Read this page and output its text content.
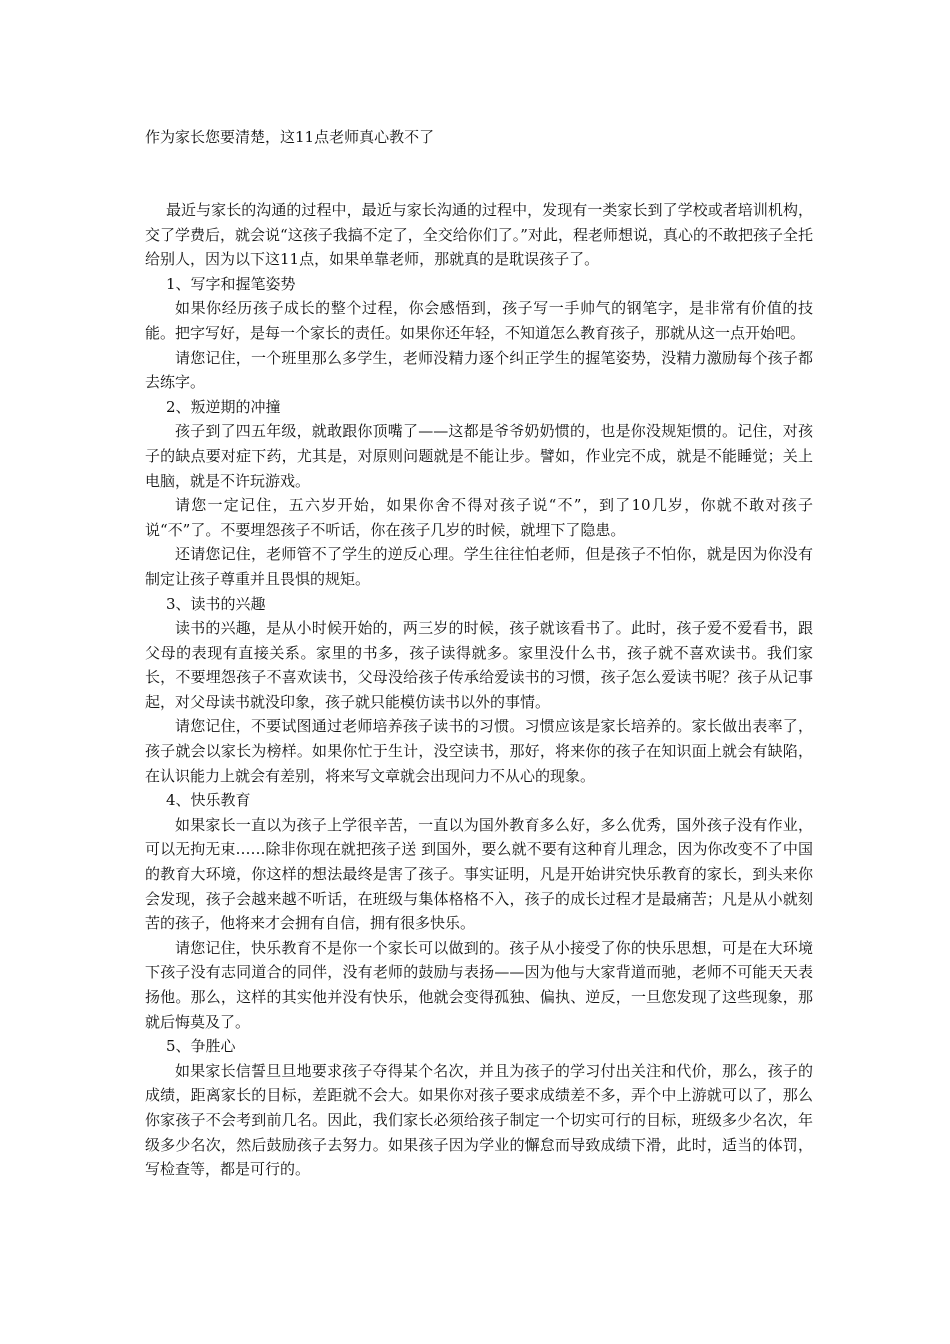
作为家长您要清楚，这11点老师真心教不了

最近与家长的沟通的过程中，最近与家长沟通的过程中，发现有一类家长到了学校或者培训机构，交了学费后，就会说“这孩子我搞不定了，全交给你们了。”对此，程老师想说，真心的不敢把孩子全托给别人，因为以下这11点，如果单靠老师，那就真的是耽误孩子了。

1、写字和握笔姿势

如果你经历孩子成长的整个过程，你会感悟到，孩子写一手帅气的钢笔字，是非常有价值的技能。把字写好，是每一个家长的责任。如果你还年轻，不知道怎么教育孩子，那就从这一点开始吧。

请您记住，一个班里那么多学生，老师没精力逐个纠正学生的握笔姿势，没精力激励每个孩子都去练字。

2、叛逆期的冲撞

孩子到了四五年级，就敢跟你顶嘴了——这都是爷爷奶奶惯的，也是你没规矩惯的。记住，对孩子的缺点要对症下药，尤其是，对原则问题就是不能让步。譬如，作业完不成，就是不能睡觉；关上电脑，就是不许玩游戏。

请您一定记住，五六岁开始，如果你舍不得对孩子说“不”，到了10几岁，你就不敢对孩子说“不”了。不要埋怨孩子不听话，你在孩子几岁的时候，就埋下了隐患。

还请您记住，老师管不了学生的逆反心理。学生往往怕老师，但是孩子不怕你，就是因为你没有制定让孩子尊重并且畏惧的规矩。

3、读书的兴趣

读书的兴趣，是从小时候开始的，两三岁的时候，孩子就该看书了。此时，孩子爱不爱看书，跟父母的表现有直接关系。家里的书多，孩子读得就多。家里没什么书，孩子就不喜欢读书。我们家长，不要埋怨孩子不喜欢读书，父母没给孩子传承给爱读书的习惯，孩子怎么爱读书呢？孩子从记事起，对父母读书就没印象，孩子就只能模仿读书以外的事情。

请您记住，不要试图通过老师培养孩子读书的习惯。习惯应该是家长培养的。家长做出表率了，孩子就会以家长为榜样。如果你忙于生计，没空读书，那好，将来你的孩子在知识面上就会有缺陷，在认识能力上就会有差别，将来写文章就会出现问力不从心的现象。

4、快乐教育

如果家长一直以为孩子上学很辛苦，一直以为国外教育多么好，多么优秀，国外孩子没有作业，可以无拘无束……除非你现在就把孩子送 到国外，要么就不要有这种育儿理念，因为你改变不了中国的教育大环境，你这样的想法最终是害了孩子。事实证明，凡是开始讲究快乐教育的家长，到头来你会发现，孩子会越来越不听话，在班级与集体格格不入，孩子的成长过程才是最痛苦；凡是从小就刻苦的孩子，他将来才会拥有自信，拥有很多快乐。

请您记住，快乐教育不是你一个家长可以做到的。孩子从小接受了你的快乐思想，可是在大环境下孩子没有志同道合的同伴，没有老师的鼓励与表扬——因为他与大家背道而驰，老师不可能天天表扬他。那么，这样的其实他并没有快乐，他就会变得孤独、偏执、逆反，一旦您发现了这些现象，那就后悔莫及了。

5、争胜心

如果家长信誓旦旦地要求孩子夺得某个名次，并且为孩子的学习付出关注和代价，那么，孩子的成绩，距离家长的目标，差距就不会大。如果你对孩子要求成绩差不多，弄个中上游就可以了，那么你家孩子不会考到前几名。因此，我们家长必须给孩子制定一个切实可行的目标，班级多少名次，年级多少名次，然后鼓励孩子去努力。如果孩子因为学业的懈怠而导致成绩下滑，此时，适当的体罚，写检查等，都是可行的。
